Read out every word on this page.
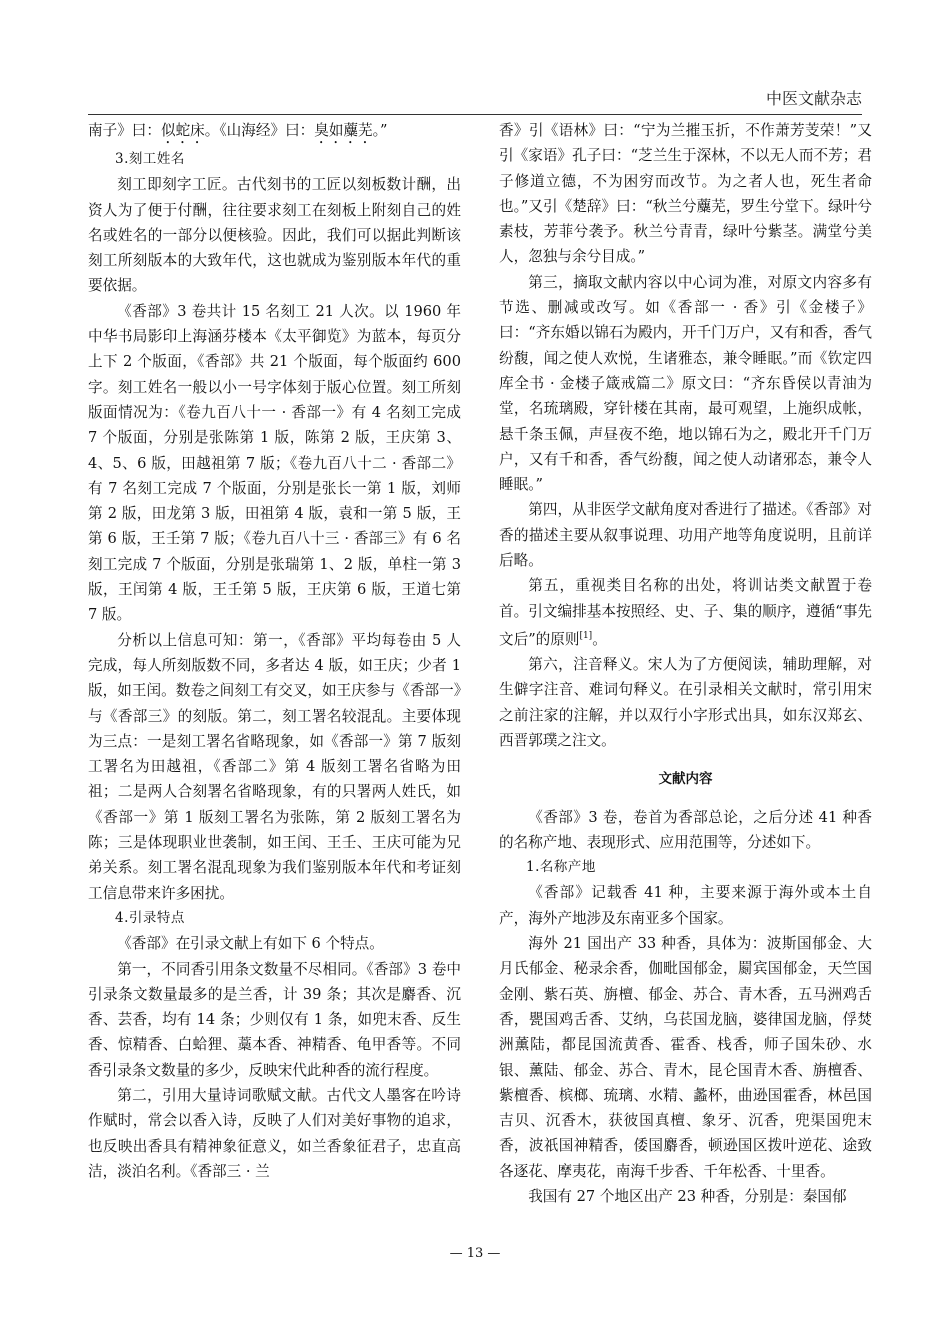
中医文献杂志

南子》曰：似蛇床。《山海经》曰：臭如蘪芜。”

3.刻工姓名

刻工即刻字工匠。古代刻书的工匠以刻板数计酬，出资人为了便于付酬，往往要求刻工在刻板上附刻自己的姓名或姓名的一部分以便核验。因此，我们可以据此判断该刻工所刻版本的大致年代，这也就成为鉴别版本年代的重要依据。

《香部》3 卷共计 15 名刻工 21 人次。以 1960 年中华书局影印上海涵芬楼本《太平御览》为蓝本，每页分上下 2 个版面，《香部》共 21 个版面，每个版面约 600 字。刻工姓名一般以小一号字体刻于版心位置。刻工所刻版面情况为：《卷九百八十一 · 香部一》有 4 名刻工完成 7 个版面，分别是张陈第 1 版，陈第 2 版，王庆第 3、4、5、6 版，田越祖第 7 版；《卷九百八十二 · 香部二》有 7 名刻工完成 7 个版面，分别是张长一第 1 版，刘师第 2 版，田龙第 3 版，田祖第 4 版，袁和一第 5 版，王第 6 版，王壬第 7 版；《卷九百八十三 · 香部三》有 6 名刻工完成 7 个版面，分别是张瑞第 1、2 版，单柱一第 3 版，王闰第 4 版，王壬第 5 版，王庆第 6 版，王道七第 7 版。

分析以上信息可知：第一，《香部》平均每卷由 5 人完成，每人所刻版数不同，多者达 4 版，如王庆；少者 1 版，如王闰。数卷之间刻工有交叉，如王庆参与《香部一》与《香部三》的刻版。第二，刻工署名较混乱。主要体现为三点：一是刻工署名省略现象，如《香部一》第 7 版刻工署名为田越祖，《香部二》第 4 版刻工署名省略为田祖；二是两人合刻署名省略现象，有的只署两人姓氏，如《香部一》第 1 版刻工署名为张陈，第 2 版刻工署名为陈；三是体现职业世袭制，如王闰、王壬、王庆可能为兄弟关系。刻工署名混乱现象为我们鉴别版本年代和考证刻工信息带来许多困扰。

4.引录特点

《香部》在引录文献上有如下 6 个特点。

第一，不同香引用条文数量不尽相同。《香部》3 卷中引录条文数量最多的是兰香，计 39 条；其次是麝香、沉香、芸香，均有 14 条；少则仅有 1 条，如兜末香、反生香、惊精香、白蛤狸、藁本香、神精香、龟甲香等。不同香引录条文数量的多少，反映宋代此种香的流行程度。

第二，引用大量诗词歌赋文献。古代文人墨客在吟诗作赋时，常会以香入诗，反映了人们对美好事物的追求，也反映出香具有精神象征意义，如兰香象征君子，忠直高洁，淡泊名利。《香部三 · 兰

香》引《语林》曰：“宁为兰摧玉折，不作萧芳芰荣！”又引《家语》孔子曰：“芝兰生于深林，不以无人而不芳；君子修道立德，不为困穷而改节。为之者人也，死生者命也。”又引《楚辞》曰：“秋兰兮蘪芜，罗生兮堂下。绿叶兮素枝，芳菲兮袭予。秋兰兮青青，绿叶兮紫茎。满堂兮美人，忽独与余兮目成。”

第三，摘取文献内容以中心词为准，对原文内容多有节选、删减或改写。如《香部一 · 香》引《金楼子》曰：“齐东婚以锦石为殿内，开千门万户，又有和香，香气纷馥，闻之使人欢悦，生诸雅态，兼令睡眠。”而《钦定四库全书 · 金楼子箴戒篇二》原文曰：“齐东昏侯以青油为堂，名琉璃殿，穿针楼在其南，最可观望，上施织成帐，悬千条玉佩，声昼夜不绝，地以锦石为之，殿北开千门万户，又有千和香，香气纷馥，闻之使人动诸邪态，兼令人睡眠。”

第四，从非医学文献角度对香进行了描述。《香部》对香的描述主要从叙事说理、功用产地等角度说明，且前详后略。

第五，重视类目名称的出处，将训诂类文献置于卷首。引文编排基本按照经、史、子、集的顺序，遵循“事先文后”的原则[1]。

第六，注音释义。宋人为了方便阅读，辅助理解，对生僻字注音、难词句释义。在引录相关文献时，常引用宋之前注家的注解，并以双行小字形式出具，如东汉郑玄、西晋郭璞之注文。

文献内容

《香部》3 卷，卷首为香部总论，之后分述 41 种香的名称产地、表现形式、应用范围等，分述如下。

1.名称产地

《香部》记载香 41 种，主要来源于海外或本土自产，海外产地涉及东南亚多个国家。

海外 21 国出产 33 种香，具体为：波斯国郁金、大月氏郁金、秘录余香，伽毗国郁金，罽宾国郁金，天竺国金刚、紫石英、旃檀、郁金、苏合、青木香，五马洲鸡舌香，甖国鸡舌香、艾纳，乌苌国龙脑，婆律国龙脑，俘焚洲薰陆，都昆国流黄香、霍香、栈香，师子国朱砂、水银、薰陆、郁金、苏合、青木，昆仑国青木香、旃檀香、紫檀香、槟榔、琉璃、水精、蠡杯，曲逊国霍香，林邑国吉贝、沉香木，获彼国真檀、象牙、沉香，兜渠国兜末香，波祇国神精香，倭国麝香，顿逊国区拨叶逆花、途致各逐花、摩夷花，南海千步香、千年松香、十里香。

我国有 27 个地区出产 23 种香，分别是：秦国郁

— 13 —
